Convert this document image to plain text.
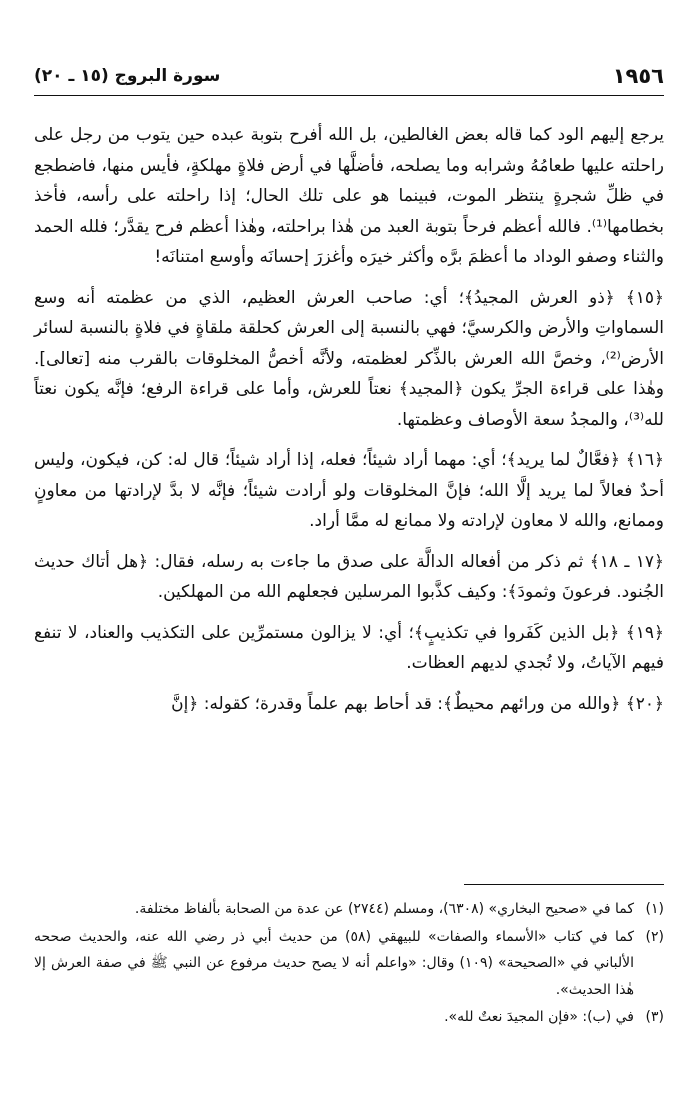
١٩٥٦
سورة البروج (١٥ ـ ٢٠)

يرجع إليهم الود كما قاله بعض الغالطين، بل الله أفرح بتوبة عبده حين يتوب من رجل على راحلته عليها طعامُهُ وشرابه وما يصلحه، فأضلَّها في أرض فلاةٍ مهلكةٍ، فأيس منها، فاضطجع في ظلِّ شجرةٍ ينتظر الموت، فبينما هو على تلك الحال؛ إذا راحلته على رأسه، فأخذ بخطامها⁽¹⁾. فالله أعظم فرحاً بتوبة العبد من هٰذا براحلته، وهٰذا أعظم فرح يقدَّر؛ فلله الحمد والثناء وصفو الوداد ما أعظمَ برَّه وأكثر خيرَه وأغزرَ إحسانَه وأوسع امتنانَه!

﴿١٥﴾ ﴿ذو العرش المجيدُ﴾؛ أي: صاحب العرش العظيم، الذي من عظمته أنه وسع السماواتِ والأرض والكرسيَّ؛ فهي بالنسبة إلى العرش كحلقة ملقاةٍ في فلاةٍ بالنسبة لسائر الأرض⁽²⁾، وخصَّ الله العرش بالذِّكر لعظمته، ولأنَّه أخصُّ المخلوقات بالقرب منه [تعالى]. وهٰذا على قراءة الجرِّ يكون ﴿المجيد﴾ نعتاً للعرش، وأما على قراءة الرفع؛ فإنَّه يكون نعتاً لله⁽³⁾، والمجدُ سعة الأوصاف وعظمتها.

﴿١٦﴾ ﴿فعَّالٌ لما يريد﴾؛ أي: مهما أراد شيئاً؛ فعله، إذا أراد شيئاً؛ قال له: كن، فيكون، وليس أحدٌ فعالاً لما يريد إلَّا الله؛ فإنَّ المخلوقات ولو أرادت شيئاً؛ فإنَّه لا بدَّ لإرادتها من معاونٍ وممانع، والله لا معاون لإرادته ولا ممانع له ممَّا أراد.

﴿١٧ ـ ١٨﴾ ثم ذكر من أفعاله الدالَّة على صدق ما جاءت به رسله، فقال: ﴿هل أتاك حديث الجُنود. فرعونَ وثمودَ﴾: وكيف كذَّبوا المرسلين فجعلهم الله من المهلكين.

﴿١٩﴾ ﴿بل الذين كَفَروا في تكذيبٍ﴾؛ أي: لا يزالون مستمرِّين على التكذيب والعناد، لا تنفع فيهم الآياتُ، ولا تُجدي لديهم العظات.

﴿٢٠﴾ ﴿والله من ورائهم محيطٌ﴾: قد أحاط بهم علماً وقدرة؛ كقوله: ﴿إنَّ

(١)
كما في «صحيح البخاري» (٦٣٠٨)، ومسلم (٢٧٤٤) عن عدة من الصحابة بألفاظ مختلفة.
(٢)
كما في كتاب «الأسماء والصفات» للبيهقي (٥٨) من حديث أبي ذر رضي الله عنه، والحديث صححه الألباني في «الصحيحة» (١٠٩) وقال: «واعلم أنه لا يصح حديث مرفوع عن النبي ﷺ في صفة العرش إلا هٰذا الحديث».
(٣)
في (ب): «فإن المجيدَ نعتٌ لله».
